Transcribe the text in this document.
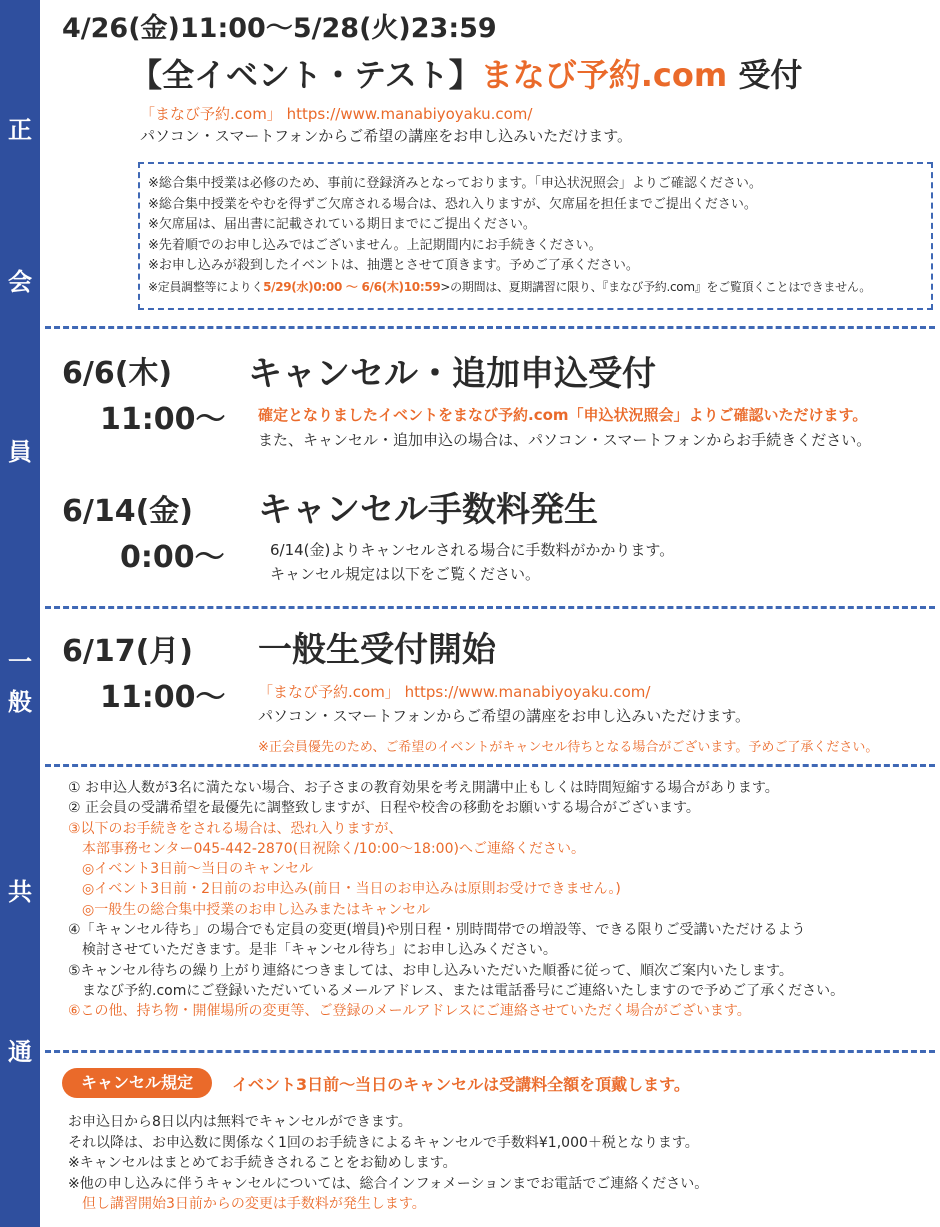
正
会
員
一
般
共
通
4/26(金)11:00～5/28(火)23:59
【全イベント・テスト】まなび予約.com 受付
「まなび予約.com」 https://www.manabiyoyaku.com/
パソコン・スマートフォンからご希望の講座をお申し込みいただけます。
※総合集中授業は必修のため、事前に登録済みとなっております。「申込状況照会」よりご確認ください。
※総合集中授業をやむを得ずご欠席される場合は、恐れ入りますが、欠席届を担任までご提出ください。
※欠席届は、届出書に記載されている期日までにご提出ください。
※先着順でのお申し込みではございません。上記期間内にお手続きください。
※お申し込みが殺到したイベントは、抽選とさせて頂きます。予めご了承ください。
※定員調整等によりく5/29(水)0:00 ～ 6/6(木)10:59>の期間は、夏期講習に限り、『まなび予約.com』をご覧頂くことはできません。
6/6(木)
11:00～
キャンセル・追加申込受付
確定となりましたイベントをまなび予約.com「申込状況照会」よりご確認いただけます。
また、キャンセル・追加申込の場合は、パソコン・スマートフォンからお手続きください。
6/14(金)
0:00～
キャンセル手数料発生
6/14(金)よりキャンセルされる場合に手数料がかかります。
キャンセル規定は以下をご覧ください。
6/17(月)
11:00～
一般生受付開始
「まなび予約.com」 https://www.manabiyoyaku.com/
パソコン・スマートフォンからご希望の講座をお申し込みいただけます。
※正会員優先のため、ご希望のイベントがキャンセル待ちとなる場合がございます。予めご了承ください。
① お申込人数が3名に満たない場合、お子さまの教育効果を考え開講中止もしくは時間短縮する場合があります。
② 正会員の受講希望を最優先に調整致しますが、日程や校舎の移動をお願いする場合がございます。
③以下のお手続きをされる場合は、恐れ入りますが、
　本部事務センター045-442-2870(日祝除く/10:00～18:00)へご連絡ください。
　◎イベント3日前～当日のキャンセル
　◎イベント3日前・2日前のお申込み(前日・当日のお申込みは原則お受けできません。)
　◎一般生の総合集中授業のお申し込みまたはキャンセル
④「キャンセル待ち」の場合でも定員の変更(増員)や別日程・別時間帯での増設等、できる限りご受講いただけるよう
　検討させていただきます。是非「キャンセル待ち」にお申し込みください。
⑤キャンセル待ちの繰り上がり連絡につきましては、お申し込みいただいた順番に従って、順次ご案内いたします。
　まなび予約.comにご登録いただいているメールアドレス、または電話番号にご連絡いたしますので予めご了承ください。
⑥この他、持ち物・開催場所の変更等、ご登録のメールアドレスにご連絡させていただく場合がございます。
キャンセル規定	イベント3日前～当日のキャンセルは受講料全額を頂戴します。
お申込日から8日以内は無料でキャンセルができます。
それ以降は、お申込数に関係なく1回のお手続きによるキャンセルで手数料¥1,000＋税となります。
※キャンセルはまとめてお手続きされることをお勧めします。
※他の申し込みに伴うキャンセルについては、総合インフォメーションまでお電話でご連絡ください。
　但し講習開始3日前からの変更は手数料が発生します。
